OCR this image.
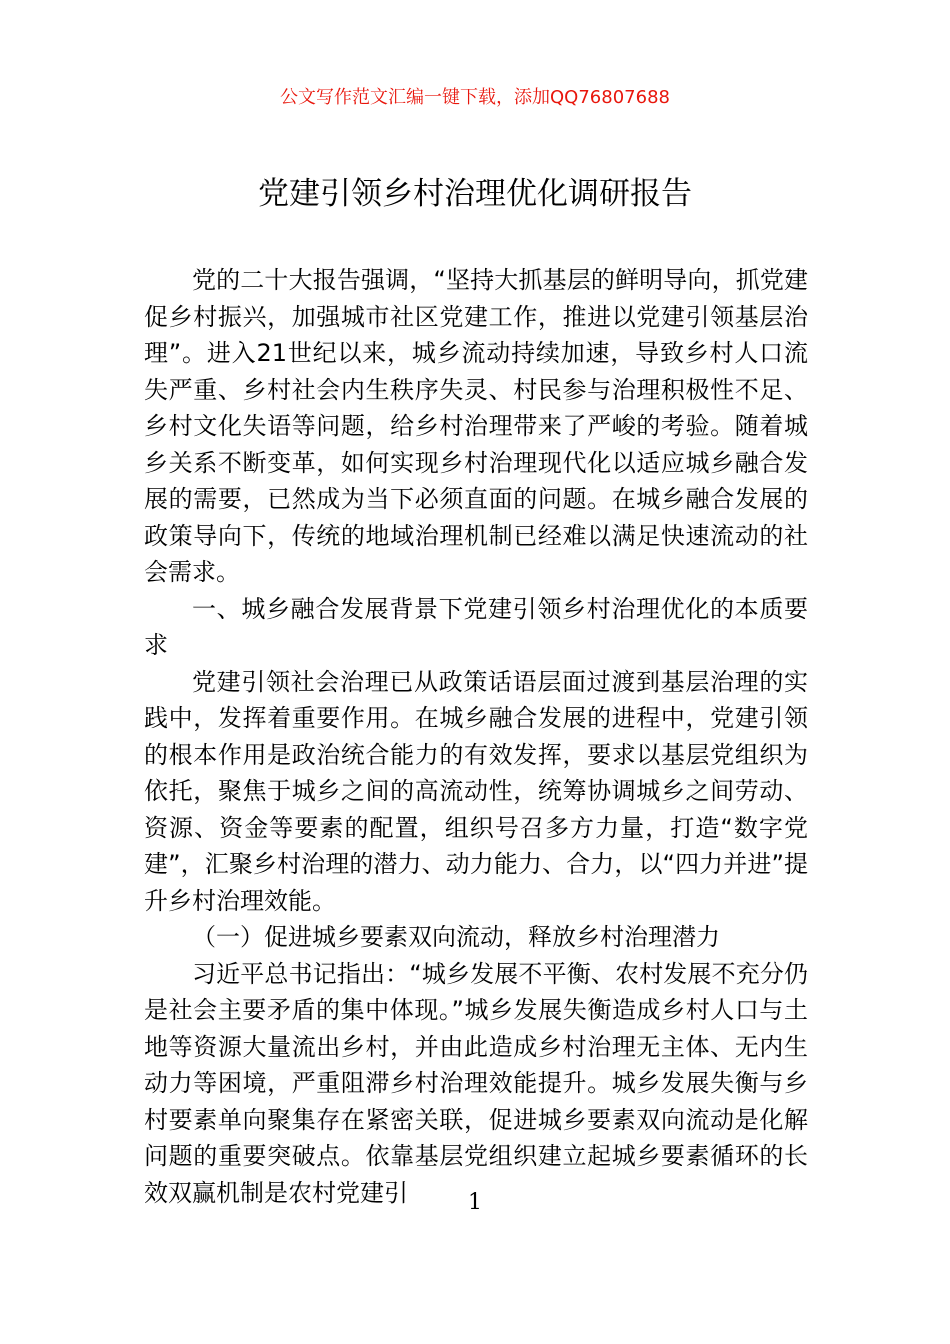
公文写作范文汇编一键下载，添加QQ76807688
党建引领乡村治理优化调研报告

党的二十大报告强调，“坚持大抓基层的鲜明导向，抓党建促乡村振兴，加强城市社区党建工作，推进以党建引领基层治理”。进入21世纪以来，城乡流动持续加速，导致乡村人口流失严重、乡村社会内生秩序失灵、村民参与治理积极性不足、乡村文化失语等问题，给乡村治理带来了严峻的考验。随着城乡关系不断变革，如何实现乡村治理现代化以适应城乡融合发展的需要，已然成为当下必须直面的问题。在城乡融合发展的政策导向下，传统的地域治理机制已经难以满足快速流动的社会需求。

一、城乡融合发展背景下党建引领乡村治理优化的本质要求

党建引领社会治理已从政策话语层面过渡到基层治理的实践中，发挥着重要作用。在城乡融合发展的进程中，党建引领的根本作用是政治统合能力的有效发挥，要求以基层党组织为依托，聚焦于城乡之间的高流动性，统筹协调城乡之间劳动、资源、资金等要素的配置，组织号召多方力量，打造“数字党建”，汇聚乡村治理的潜力、动力能力、合力，以“四力并进”提升乡村治理效能。

（一）促进城乡要素双向流动，释放乡村治理潜力

习近平总书记指出：“城乡发展不平衡、农村发展不充分仍是社会主要矛盾的集中体现。”城乡发展失衡造成乡村人口与土地等资源大量流出乡村，并由此造成乡村治理无主体、无内生动力等困境，严重阻滞乡村治理效能提升。城乡发展失衡与乡村要素单向聚集存在紧密关联，促进城乡要素双向流动是化解问题的重要突破点。依靠基层党组织建立起城乡要素循环的长效双赢机制是农村党建引	1
